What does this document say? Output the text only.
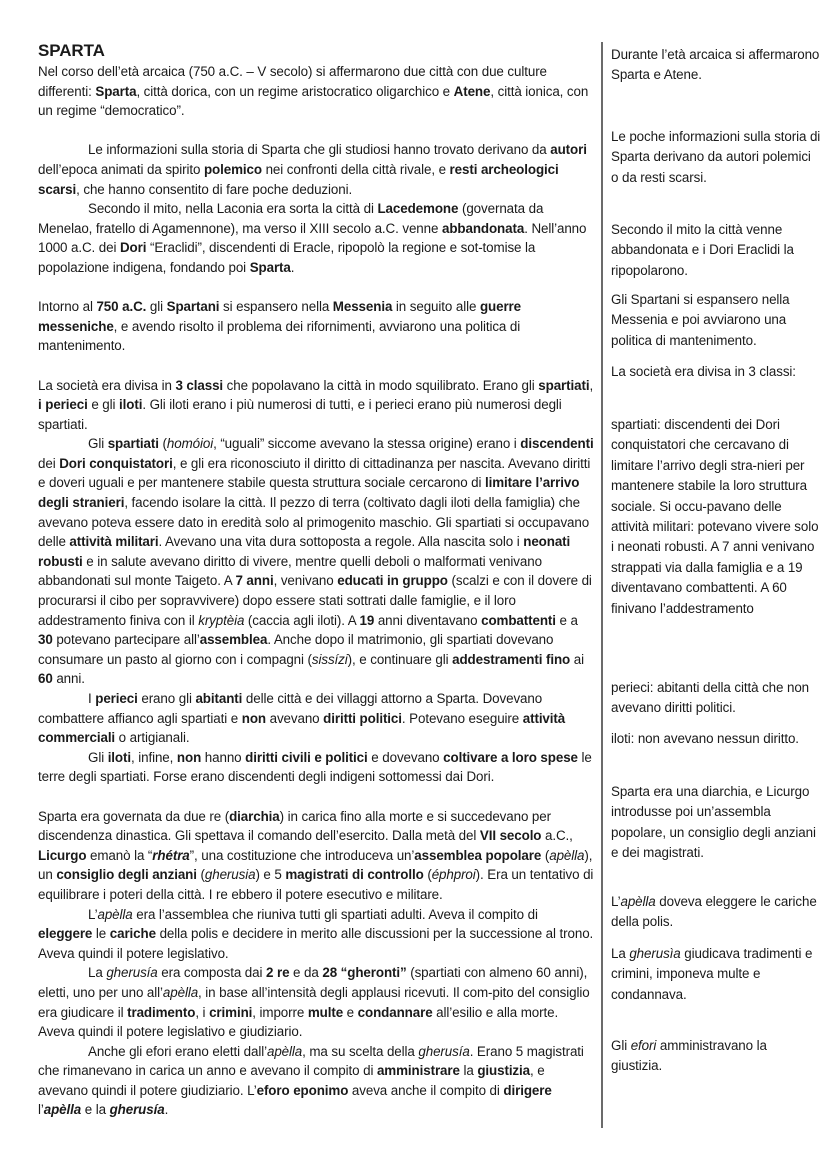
SPARTA

Nel corso dell’età arcaica (750 a.C. – V secolo) si affermarono due città con due culture differenti: Sparta, città dorica, con un regime aristocratico oligarchico e Atene, città ionica, con un regime “democratico”.

Le informazioni sulla storia di Sparta che gli studiosi hanno trovato derivano da autori dell’epoca animati da spirito polemico nei confronti della città rivale, e resti archeologici scarsi, che hanno consentito di fare poche deduzioni.

Secondo il mito, nella Laconia era sorta la città di Lacedemone (governata da Menelao, fratello di Agamennone), ma verso il XIII secolo a.C. venne abbandonata. Nell’anno 1000 a.C. dei Dori “Eraclidi”, discendenti di Eracle, ripopolò la regione e sot-tomise la popolazione indigena, fondando poi Sparta.

Intorno al 750 a.C. gli Spartani si espansero nella Messenia in seguito alle guerre messeniche, e avendo risolto il problema dei rifornimenti, avviarono una politica di mantenimento.

La società era divisa in 3 classi che popolavano la città in modo squilibrato. Erano gli spartiati, i perieci e gli iloti. Gli iloti erano i più numerosi di tutti, e i perieci erano più numerosi degli spartiati.

Gli spartiati (homóioi, “uguali” siccome avevano la stessa origine) erano i discendenti dei Dori conquistatori, e gli era riconosciuto il diritto di cittadinanza per nascita. Avevano diritti e doveri uguali e per mantenere stabile questa struttura sociale cercarono di limitare l’arrivo degli stranieri, facendo isolare la città. Il pezzo di terra (coltivato dagli iloti della famiglia) che avevano poteva essere dato in eredità solo al primogenito maschio. Gli spartiati si occupavano delle attività militari. Avevano una vita dura sottoposta a regole. Alla nascita solo i neonati robusti e in salute avevano diritto di vivere, mentre quelli deboli o malformati venivano abbandonati sul monte Taigeto. A 7 anni, venivano educati in gruppo (scalzi e con il dovere di procurarsi il cibo per sopravvivere) dopo essere stati sottrati dalle famiglie, e il loro addestramento finiva con il kryptèia (caccia agli iloti). A 19 anni diventavano combattenti e a 30 potevano partecipare all’assemblea. Anche dopo il matrimonio, gli spartiati dovevano consumare un pasto al giorno con i compagni (sissízi), e continuare gli addestramenti fino ai 60 anni.

I perieci erano gli abitanti delle città e dei villaggi attorno a Sparta. Dovevano combattere affianco agli spartiati e non avevano diritti politici. Potevano eseguire attività commerciali o artigianali.

Gli iloti, infine, non hanno diritti civili e politici e dovevano coltivare a loro spese le terre degli spartiati. Forse erano discendenti degli indigeni sottomessi dai Dori.

Sparta era governata da due re (diarchia) in carica fino alla morte e si succedevano per discendenza dinastica. Gli spettava il comando dell’esercito. Dalla metà del VII secolo a.C., Licurgo emanò la “rhétra”, una costituzione che introduceva un’assemblea popolare (apèlla), un consiglio degli anziani (gherusia) e 5 magistrati di controllo (éphproi). Era un tentativo di equilibrare i poteri della città. I re ebbero il potere esecutivo e militare.

L’apèlla era l’assemblea che riuniva tutti gli spartiati adulti. Aveva il compito di eleggere le cariche della polis e decidere in merito alle discussioni per la successione al trono. Aveva quindi il potere legislativo.

La gherusía era composta dai 2 re e da 28 “gheronti” (spartiati con almeno 60 anni), eletti, uno per uno all’apèlla, in base all’intensità degli applausi ricevuti. Il com-pito del consiglio era giudicare il tradimento, i crimini, imporre multe e condannare all’esilio e alla morte. Aveva quindi il potere legislativo e giudiziario.

Anche gli efori erano eletti dall’apèlla, ma su scelta della gherusía. Erano 5 magistrati che rimanevano in carica un anno e avevano il compito di amministrare la giustizia, e avevano quindi il potere giudiziario. L’eforo eponimo aveva anche il compito di dirigere l’apèlla e la gherusía.

Durante l’età arcaica si affermarono Sparta e Atene.

Le poche informazioni sulla storia di Sparta derivano da autori polemici o da resti scarsi.

Secondo il mito la città venne abbandonata e i Dori Eraclidi la ripopolarono.

Gli Spartani si espansero nella Messenia e poi avviarono una politica di mantenimento.

La società era divisa in 3 classi:

spartiati: discendenti dei Dori conquistatori che cercavano di limitare l’arrivo degli stra-nieri per mantenere stabile la loro struttura sociale. Si occu-pavano delle attività militari: potevano vivere solo i neonati robusti. A 7 anni venivano strappati via dalla famiglia e a 19 diventavano combattenti. A 60 finivano l’addestramento

perieci: abitanti della città che non avevano diritti politici.

iloti: non avevano nessun diritto.

Sparta era una diarchia, e Licurgo introdusse poi un’assembla popolare, un consiglio degli anziani e dei magistrati.

L’apèlla doveva eleggere le cariche della polis.

La gherusìa giudicava tradimenti e crimini, imponeva multe e condannava.

Gli efori amministravano la giustizia.
